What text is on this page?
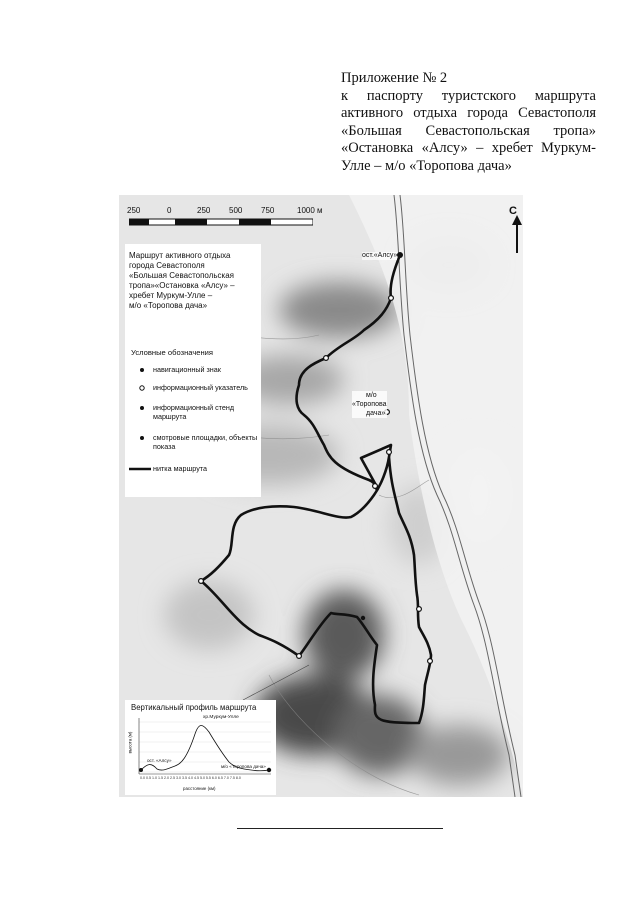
Приложение № 2
к паспорту туристского маршрута
активного отдыха города Севастополя
«Большая Севастопольская тропа»
«Остановка «Алсу» – хребет Муркум-
Улле – м/о «Торопова дача»
250	0	250 500 750	1000 м	С
ост.«Алсу»
м/о
«Торопова
дача»
Маршрут активного отдыха
города Севастополя
«Большая Севастопольская
тропа»«Остановка «Алсу» –
хребет Муркум-Улле –
м/о «Торопова дача»
Условные обозначения
навигационный знак
информационный указатель
информационный стенд маршрута
смотровые площадки, объекты показа
нитка маршрута
Вертикальный профиль маршрута
0.0 0.5 1.0 1.5 2.0 2.5 3.0 3.5 4.0 4.5 5.0 5.5 6.0 6.5 7.0 7.5 8.0
хр.Муркум-Улле
ост. «Алсу»
м/о «Торопова дача»
расстояние (км)
высота (м)
